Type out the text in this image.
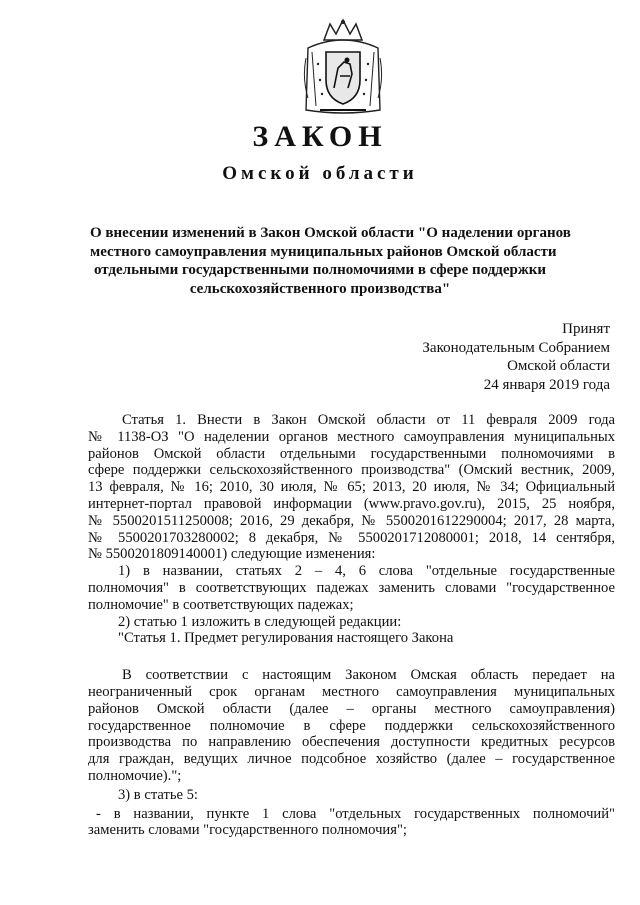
ЗАКОН
Омской области
О внесении изменений в Закон Омской области "О наделении органов
местного самоуправления муниципальных районов Омской области
отдельными государственными полномочиями в сфере поддержки
сельскохозяйственного производства"
Принят
Законодательным Собранием
Омской области
24 января 2019 года
Статья 1. Внести в Закон Омской области от 11 февраля 2009 года
№ 1138-ОЗ "О наделении органов местного самоуправления муниципальных
районов Омской области отдельными государственными полномочиями в
сфере поддержки сельскохозяйственного производства" (Омский вестник, 2009,
13 февраля, № 16; 2010, 30 июля, № 65; 2013, 20 июля, № 34; Официальный
интернет-портал правовой информации (www.pravo.gov.ru), 2015, 25 ноября,
№ 5500201511250008; 2016, 29 декабря, № 5500201612290004; 2017, 28 марта,
№ 5500201703280002; 8 декабря, № 5500201712080001; 2018, 14 сентября,
№ 5500201809140001) следующие изменения:
1) в названии, статьях 2 – 4, 6 слова "отдельные государственные
полномочия" в соответствующих падежах заменить словами "государственное
полномочие" в соответствующих падежах;
2) статью 1 изложить в следующей редакции:
"Статья 1. Предмет регулирования настоящего Закона
В соответствии с настоящим Законом Омская область передает на
неограниченный срок органам местного самоуправления муниципальных
районов Омской области (далее – органы местного самоуправления)
государственное полномочие в сфере поддержки сельскохозяйственного
производства по направлению обеспечения доступности кредитных ресурсов
для граждан, ведущих личное подсобное хозяйство (далее – государственное
полномочие).";
3) в статье 5:
- в названии, пункте 1 слова "отдельных государственных полномочий"
заменить словами "государственного полномочия";
